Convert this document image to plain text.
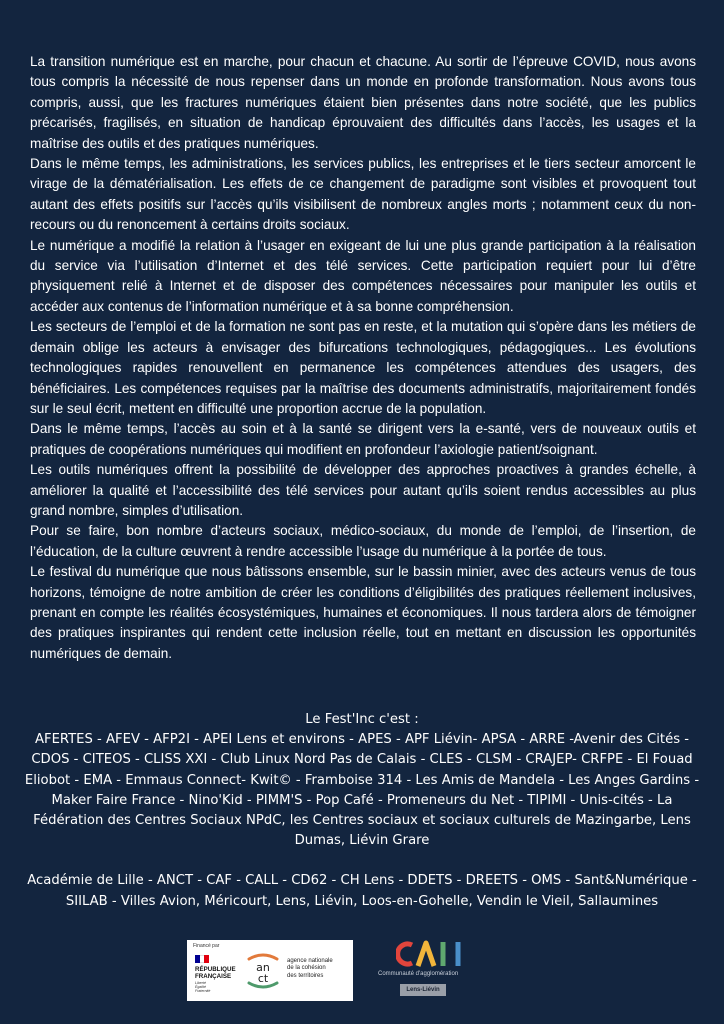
La transition numérique est en marche, pour chacun et chacune. Au sortir de l’épreuve COVID, nous avons tous compris la nécessité de nous repenser dans un monde en profonde transformation. Nous avons tous compris, aussi, que les fractures numériques étaient bien présentes dans notre société, que les publics précarisés, fragilisés, en situation de handicap éprouvaient des difficultés dans l’accès, les usages et la maîtrise des outils et des pratiques numériques.

Dans le même temps, les administrations, les services publics, les entreprises et le tiers secteur amorcent le virage de la dématérialisation. Les effets de ce changement de paradigme sont visibles et provoquent tout autant des effets positifs sur l’accès qu’ils visibilisent de nombreux angles morts ; notamment ceux du non-recours ou du renoncement à certains droits sociaux.

Le numérique a modifié la relation à l’usager en exigeant de lui une plus grande participation à la réalisation du service via l’utilisation d’Internet et des télé services. Cette participation requiert pour lui d’être physiquement relié à Internet et de disposer des compétences nécessaires pour manipuler les outils et accéder aux contenus de l’information numérique et à sa bonne compréhension.

Les secteurs de l’emploi et de la formation ne sont pas en reste, et la mutation qui s’opère dans les métiers de demain oblige les acteurs à envisager des bifurcations technologiques, pédagogiques... Les évolutions technologiques rapides renouvellent en permanence les compétences attendues des usagers, des bénéficiaires. Les compétences requises par la maîtrise des documents administratifs, majoritairement fondés sur le seul écrit, mettent en difficulté une proportion accrue de la population.

Dans le même temps, l’accès au soin et à la santé se dirigent vers la e-santé, vers de nouveaux outils et pratiques de coopérations numériques qui modifient en profondeur l’axiologie patient/soignant.

Les outils numériques offrent la possibilité de développer des approches proactives à grandes échelle, à améliorer la qualité et l’accessibilité des télé services pour autant qu’ils soient rendus accessibles au plus grand nombre, simples d’utilisation.

Pour se faire, bon nombre d’acteurs sociaux, médico-sociaux, du monde de l’emploi, de l’insertion, de l’éducation, de la culture œuvrent à rendre accessible l’usage du numérique à la portée de tous.

Le festival du numérique que nous bâtissons ensemble, sur le bassin minier, avec des acteurs venus de tous horizons, témoigne de notre ambition de créer les conditions d’éligibilités des pratiques réellement inclusives, prenant en compte les réalités écosystémiques, humaines et économiques. Il nous tardera alors de témoigner des pratiques inspirantes qui rendent cette inclusion réelle, tout en mettant en discussion les opportunités numériques de demain.

Le Fest'Inc c'est :
AFERTES - AFEV - AFP2I - APEI Lens et environs - APES - APF Liévin- APSA - ARRE -Avenir des Cités - CDOS - CITEOS - CLISS XXI - Club Linux Nord Pas de Calais - CLES - CLSM - CRAJEP- CRFPE - El Fouad Eliobot - EMA - Emmaus Connect- Kwit© - Framboise 314 - Les Amis de Mandela - Les Anges Gardins - Maker Faire France - Nino'Kid - PIMM'S - Pop Café - Promeneurs du Net - TIPIMI - Unis-cités - La Fédération des Centres Sociaux NPdC, les Centres sociaux et sociaux culturels de Mazingarbe, Lens Dumas, Liévin Grare
Académie de Lille - ANCT - CAF - CALL - CD62 - CH Lens - DDETS - DREETS - OMS - Sant&Numérique - SIILAB - Villes Avion, Méricourt, Lens, Liévin, Loos-en-Gohelle, Vendin le Vieil, Sallaumines
Financé par
RÉPUBLIQUE
FRANÇAISE
Liberté
Égalité
Fraternité
an
ct
agence nationale
de la cohésion
des territoires	Communauté d'agglomération
Lens-Liévin
